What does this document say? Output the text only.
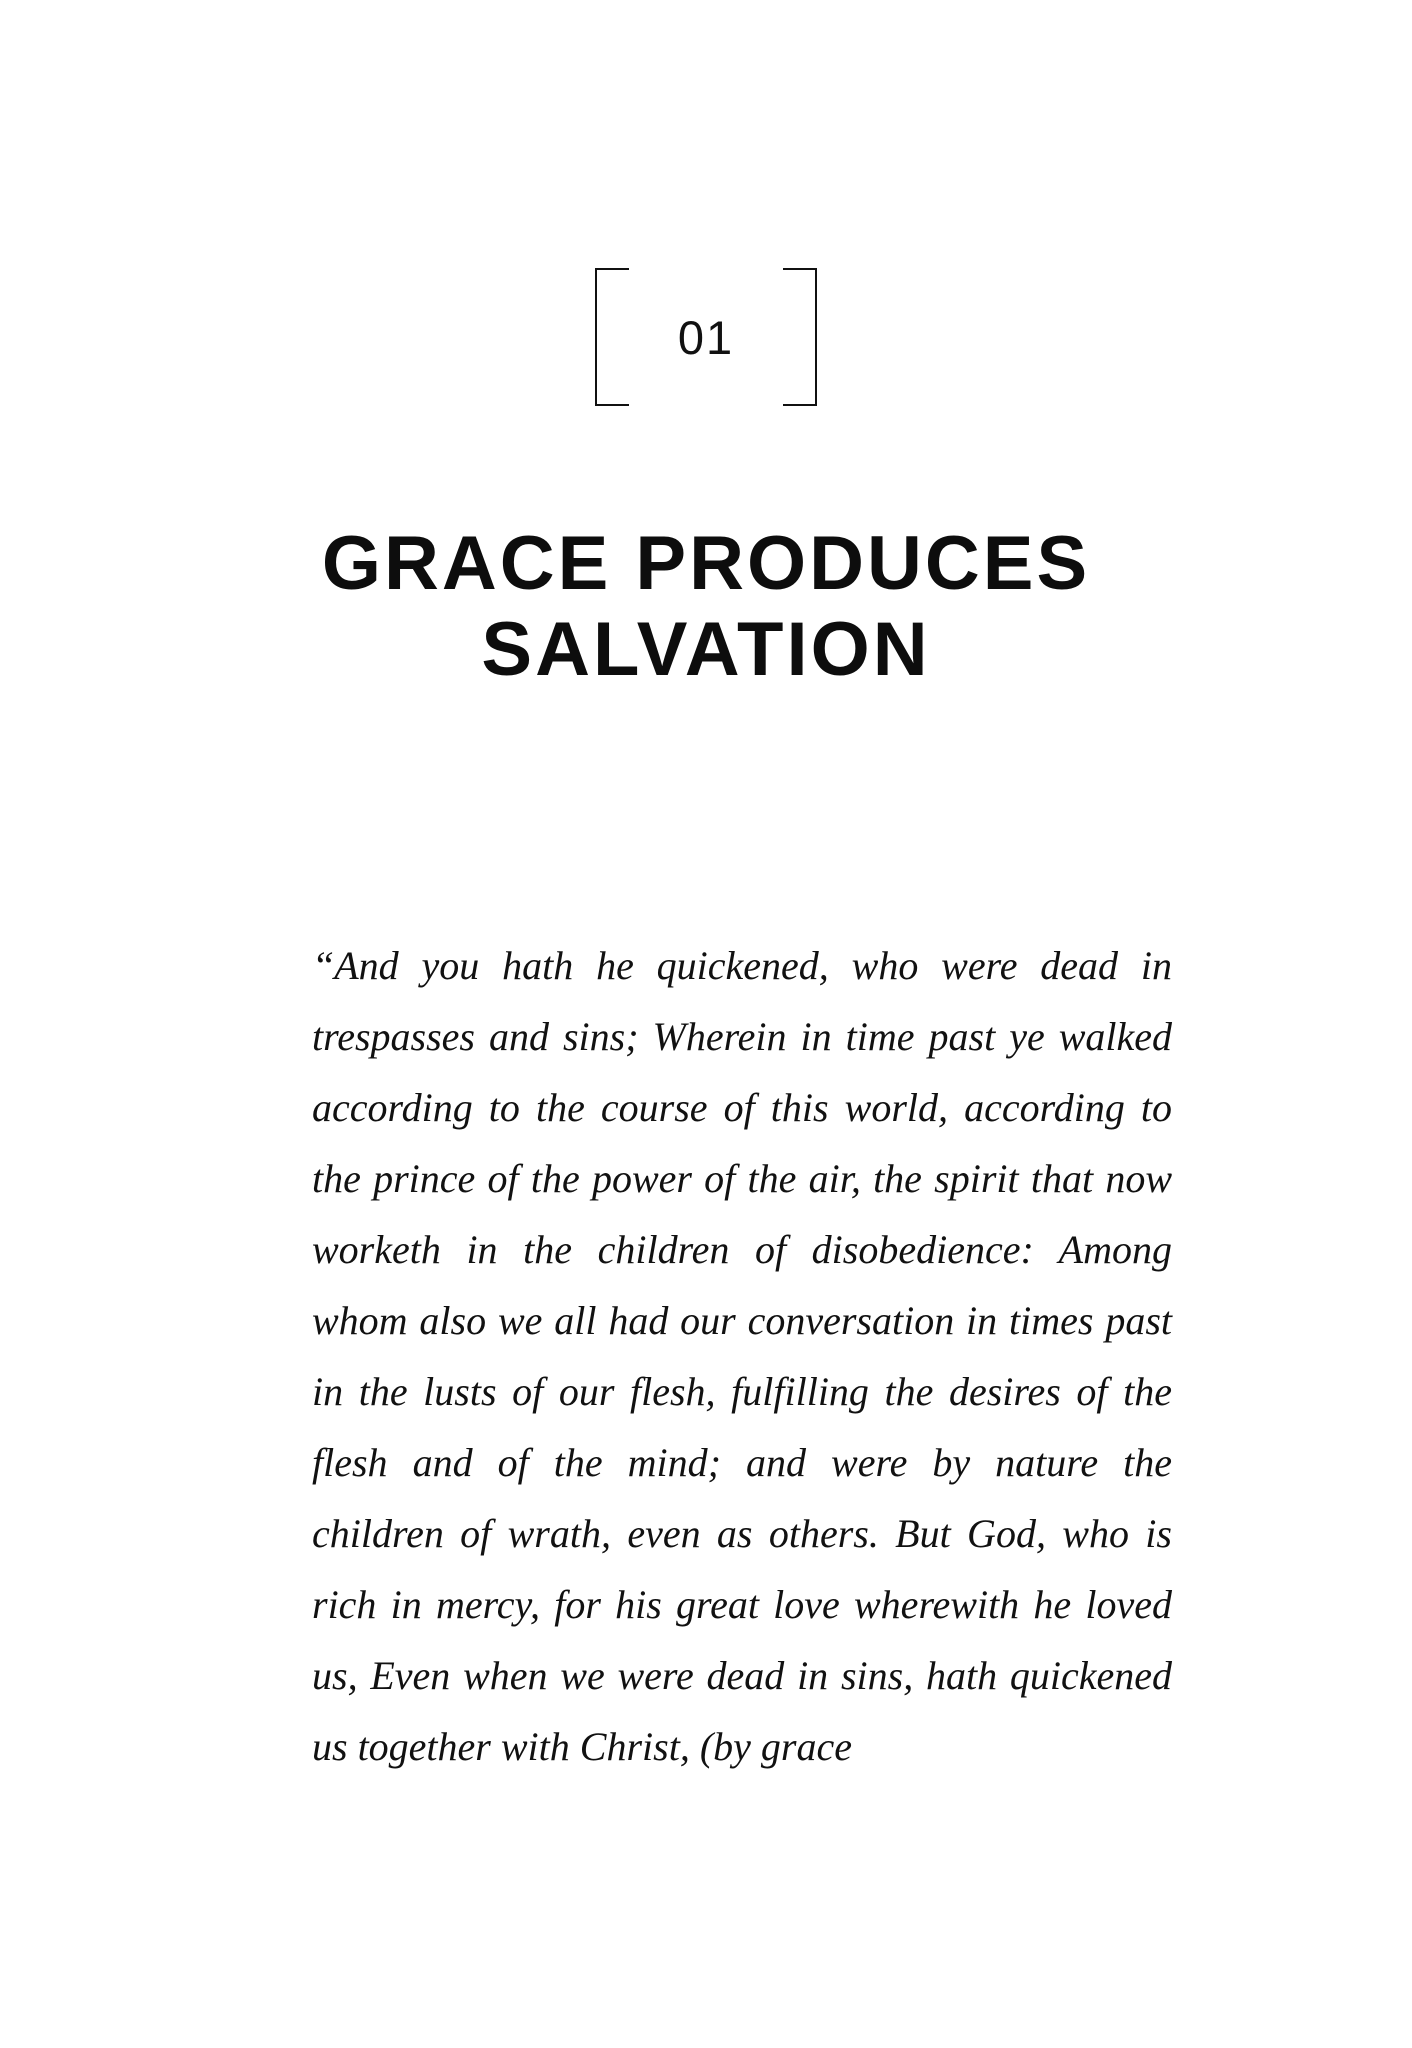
01
GRACE PRODUCES SALVATION

“And you hath he quickened, who were dead in trespasses and sins; Wherein in time past ye walked according to the course of this world, according to the prince of the power of the air, the spirit that now worketh in the children of disobedience: Among whom also we all had our conversation in times past in the lusts of our flesh, fulfilling the desires of the flesh and of the mind; and were by nature the children of wrath, even as others. But God, who is rich in mercy, for his great love wherewith he loved us, Even when we were dead in sins, hath quickened us together with Christ, (by grace
